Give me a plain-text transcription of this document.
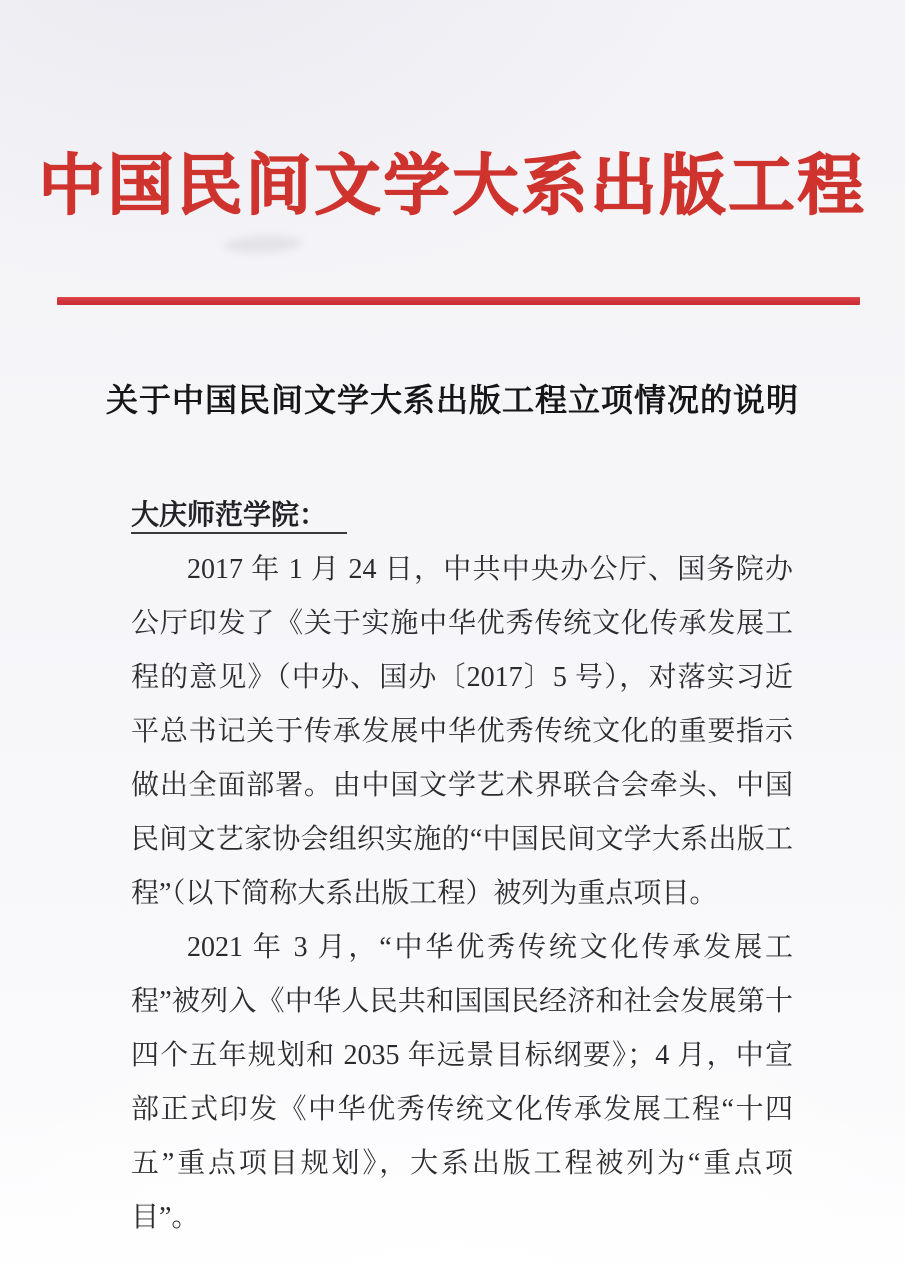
中国民间文学大系出版工程
关于中国民间文学大系出版工程立项情况的说明
大庆师范学院：

2017 年 1 月 24 日，中共中央办公厅、国务院办公厅印发了《关于实施中华优秀传统文化传承发展工程的意见》（中办、国办〔2017〕5 号），对落实习近平总书记关于传承发展中华优秀传统文化的重要指示做出全面部署。由中国文学艺术界联合会牵头、中国民间文艺家协会组织实施的“中国民间文学大系出版工程”（以下简称大系出版工程）被列为重点项目。

2021 年 3 月，“中华优秀传统文化传承发展工程”被列入《中华人民共和国国民经济和社会发展第十四个五年规划和 2035 年远景目标纲要》；4 月，中宣部正式印发《中华优秀传统文化传承发展工程“十四五”重点项目规划》，大系出版工程被列为“重点项目”。
